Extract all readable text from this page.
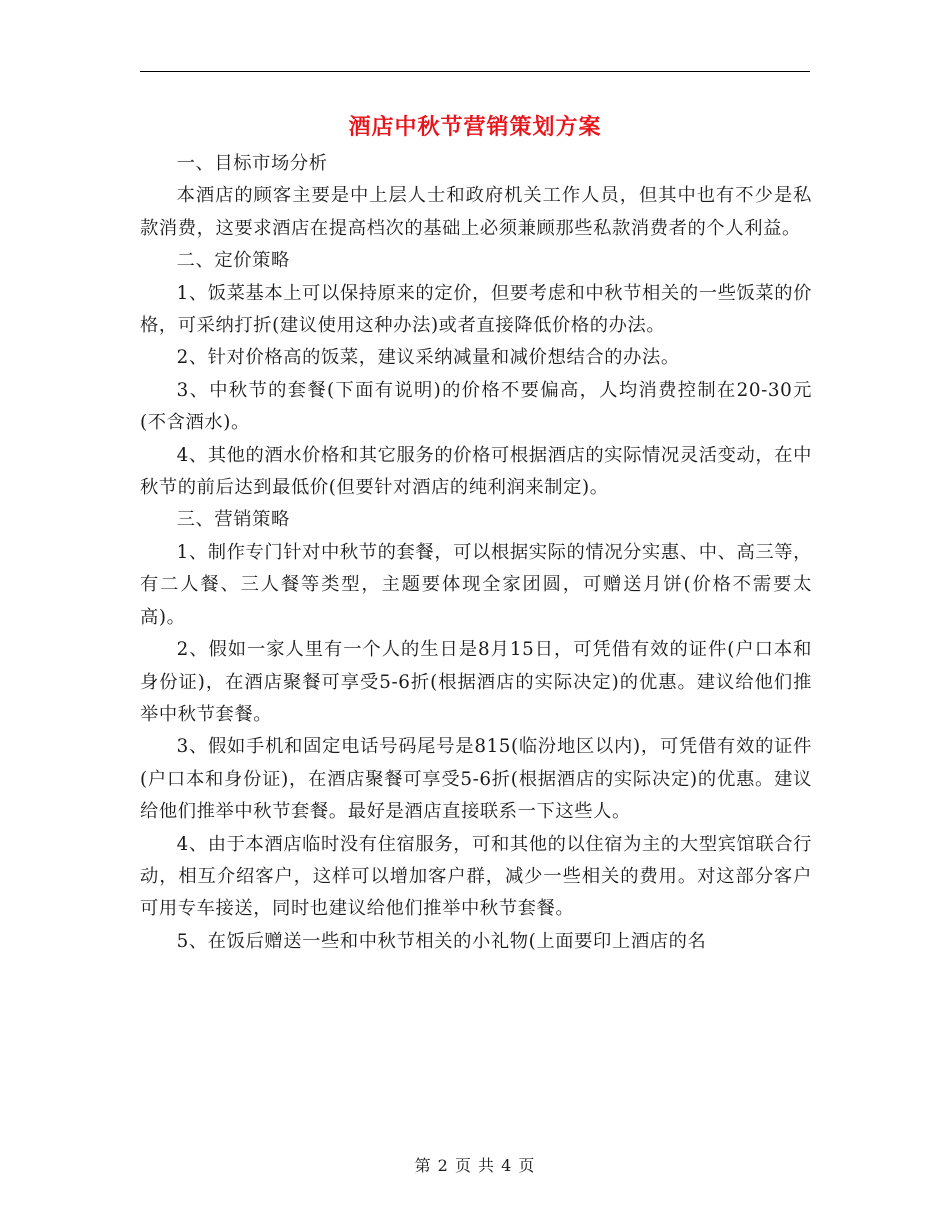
酒店中秋节营销策划方案

一、目标市场分析

本酒店的顾客主要是中上层人士和政府机关工作人员，但其中也有不少是私款消费，这要求酒店在提高档次的基础上必须兼顾那些私款消费者的个人利益。

二、定价策略

1、饭菜基本上可以保持原来的定价，但要考虑和中秋节相关的一些饭菜的价格，可采纳打折(建议使用这种办法)或者直接降低价格的办法。

2、针对价格高的饭菜，建议采纳减量和减价想结合的办法。

3、中秋节的套餐(下面有说明)的价格不要偏高，人均消费控制在20-30元(不含酒水)。

4、其他的酒水价格和其它服务的价格可根据酒店的实际情况灵活变动，在中秋节的前后达到最低价(但要针对酒店的纯利润来制定)。

三、营销策略

1、制作专门针对中秋节的套餐，可以根据实际的情况分实惠、中、高三等，有二人餐、三人餐等类型，主题要体现全家团圆，可赠送月饼(价格不需要太高)。

2、假如一家人里有一个人的生日是8月15日，可凭借有效的证件(户口本和身份证)，在酒店聚餐可享受5-6折(根据酒店的实际决定)的优惠。建议给他们推举中秋节套餐。

3、假如手机和固定电话号码尾号是815(临汾地区以内)，可凭借有效的证件(户口本和身份证)，在酒店聚餐可享受5-6折(根据酒店的实际决定)的优惠。建议给他们推举中秋节套餐。最好是酒店直接联系一下这些人。

4、由于本酒店临时没有住宿服务，可和其他的以住宿为主的大型宾馆联合行动，相互介绍客户，这样可以增加客户群，减少一些相关的费用。对这部分客户可用专车接送，同时也建议给他们推举中秋节套餐。

5、在饭后赠送一些和中秋节相关的小礼物(上面要印上酒店的名

第 2 页 共 4 页
